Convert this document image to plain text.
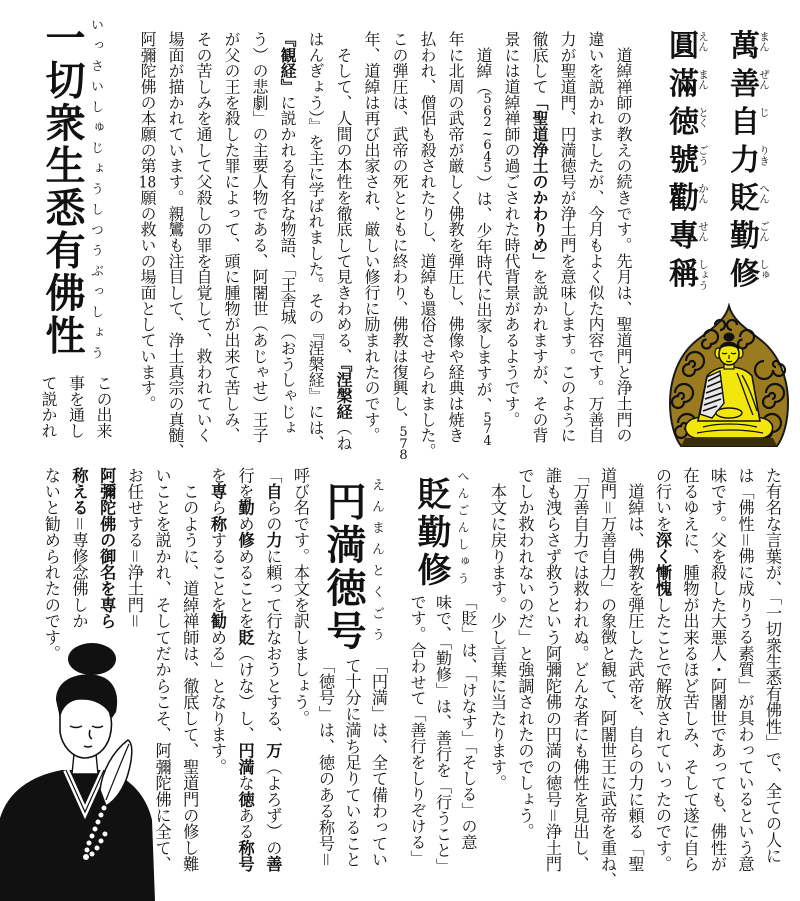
萬
まん
善
ぜん
自
じ
力
りき
貶
へん
勤
ごん
修
しゅ
圓
えん
滿
まん
徳
とく
號
ごう
勸
かん
專
せん
稱
しょう
一切衆生悉有佛性 いっさいしゅじょうしつうぶっしょう	　道綽禅師の教えの続きです。先月は、聖道門と浄土門の
違いを説かれましたが、今月もよく似た内容です。万善自
力が聖道門、円満徳号が浄土門を意味します。このように
徹底して「聖道浄土のかわりめ」を説かれますが、その背
景には道綽禅師の過ごされた時代背景があるようです。
　道綽（562~645）は、少年時代に出家しますが、574
年に北周の武帝が厳しく佛教を弾圧し、佛像や経典は焼き
払われ、僧侶も殺されたりし、道綽も還俗させられました。
この弾圧は、武帝の死とともに終わり、佛教は復興し、578
年、道綽は再び出家され、厳しい修行に励まれたのです。
　そして、人間の本性を徹底して見きわめる、『涅槃経（ね
はんぎょう）』を主に学ばれました。その『涅槃経』には、
『観経』に説かれる有名な物語、「王舎城（おうしゃじょ
う）の悲劇」の主要人物である、阿闍世（あじゃせ）王子
が父の王を殺した罪によって、頭に腫物が出来て苦しみ、
その苦しみを通して父殺しの罪を自覚して、救われていく
場面が描かれています。親鸞も注目して、浄土真宗の真髄、
阿彌陀佛の本願の第18願の救いの場面としています。
この出来
事を通し
て説かれ
た有名な言葉が、「一切衆生悉有佛性」で、全ての人に
は「佛性＝佛に成りうる素質」が具わっているという意
味です。父を殺した大悪人・阿闍世であっても、佛性が
在るゆえに、腫物が出来るほど苦しみ、そして遂に自ら
の行いを深く慚愧したことで解放されていったのです。
　道綽は、佛教を弾圧した武帝を、自らの力に頼る「聖
道門＝万善自力」の象徴と観て、阿闍世王に武帝を重ね、
「万善自力では救われぬ。どんな者にも佛性を見出し、
誰も洩らさず救うという阿彌陀佛の円満の徳号＝浄土門
でしか救われないのだ」と強調されたのでしょう。
　本文に戻ります。少し言葉に当たります。
貶勤修 へんごんしゅう
「貶」は、「けなす」「そしる」の意
味で、「勤修」は、善行を「行うこと」
です。合わせて「善行をしりぞける」
円満徳号 えんまんとくごう
「円満」は、全て備わってい
て十分に満ち足りていること
「徳号」は、徳のある称号＝
呼び名です。本文を訳しましょう。
「自らの力に頼って行なおうとする、万（よろず）の善
行を勤め修めることを貶（けな）し、円満な徳ある称号
を専ら称することを勧める」となります。
　このように、道綽禅師は、徹底して、聖道門の修し難
いことを説かれ、そしてだからこそ、阿彌陀佛に全て、
お任せする＝浄土門＝
阿彌陀佛の御名を専ら
称える＝専修念佛しか
ないと勧められたのです。
